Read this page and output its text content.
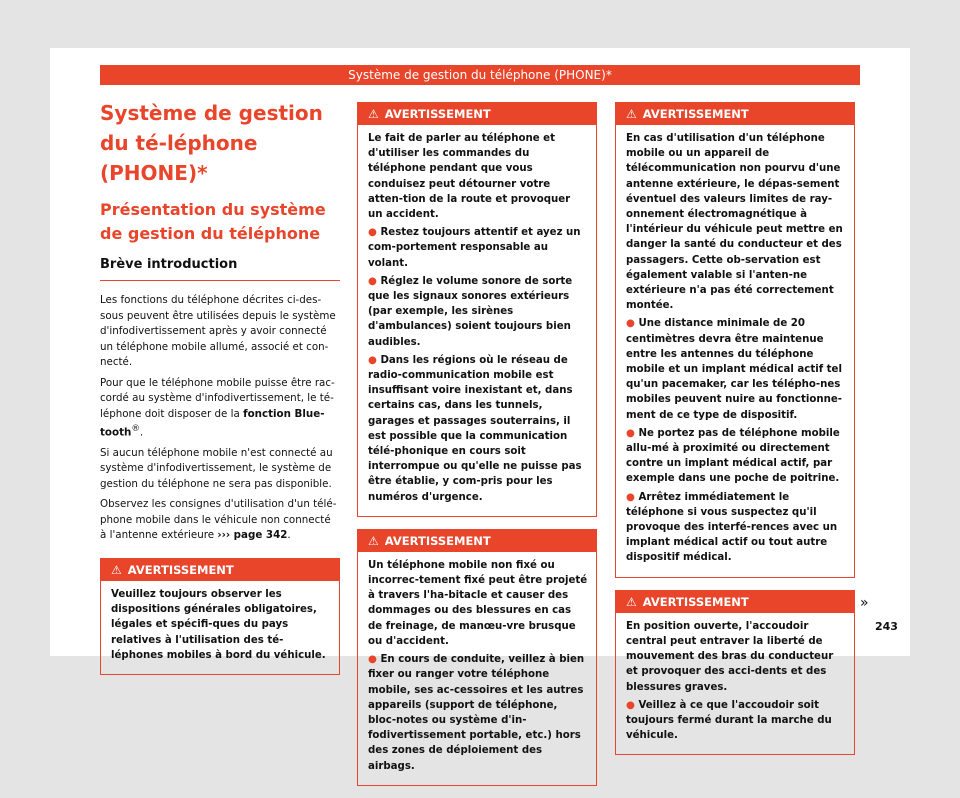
Système de gestion du téléphone (PHONE)*
Système de gestion du té-léphone (PHONE)*
Présentation du système de gestion du téléphone
Brève introduction

Les fonctions du téléphone décrites ci-des-sous peuvent être utilisées depuis le système d'infodivertissement après y avoir connecté un téléphone mobile allumé, associé et con-necté.

Pour que le téléphone mobile puisse être rac-cordé au système d'infodivertissement, le té-léphone doit disposer de la fonction Blue-tooth®.

Si aucun téléphone mobile n'est connecté au système d'infodivertissement, le système de gestion du téléphone ne sera pas disponible.

Observez les consignes d'utilisation d'un télé-phone mobile dans le véhicule non connecté à l'antenne extérieure ››› page 342.

⚠ AVERTISSEMENT

Veuillez toujours observer les dispositions générales obligatoires, légales et spécifi-ques du pays relatives à l'utilisation des té-léphones mobiles à bord du véhicule.

⚠ AVERTISSEMENT

Le fait de parler au téléphone et d'utiliser les commandes du téléphone pendant que vous conduisez peut détourner votre atten-tion de la route et provoquer un accident.

● Restez toujours attentif et ayez un com-portement responsable au volant.

● Réglez le volume sonore de sorte que les signaux sonores extérieurs (par exemple, les sirènes d'ambulances) soient toujours bien audibles.

● Dans les régions où le réseau de radio-communication mobile est insuffisant voire inexistant et, dans certains cas, dans les tunnels, garages et passages souterrains, il est possible que la communication télé-phonique en cours soit interrompue ou qu'elle ne puisse pas être établie, y com-pris pour les numéros d'urgence.

⚠ AVERTISSEMENT

Un téléphone mobile non fixé ou incorrec-tement fixé peut être projeté à travers l'ha-bitacle et causer des dommages ou des blessures en cas de freinage, de manœu-vre brusque ou d'accident.

● En cours de conduite, veillez à bien fixer ou ranger votre téléphone mobile, ses ac-cessoires et les autres appareils (support de téléphone, bloc-notes ou système d'in-fodivertissement portable, etc.) hors des zones de déploiement des airbags.

⚠ AVERTISSEMENT

En cas d'utilisation d'un téléphone mobile ou un appareil de télécommunication non pourvu d'une antenne extérieure, le dépas-sement éventuel des valeurs limites de ray-onnement électromagnétique à l'intérieur du véhicule peut mettre en danger la santé du conducteur et des passagers. Cette ob-servation est également valable si l'anten-ne extérieure n'a pas été correctement montée.

● Une distance minimale de 20 centimètres devra être maintenue entre les antennes du téléphone mobile et un implant médical actif tel qu'un pacemaker, car les télépho-nes mobiles peuvent nuire au fonctionne-ment de ce type de dispositif.

● Ne portez pas de téléphone mobile allu-mé à proximité ou directement contre un implant médical actif, par exemple dans une poche de poitrine.

● Arrêtez immédiatement le téléphone si vous suspectez qu'il provoque des interfé-rences avec un implant médical actif ou tout autre dispositif médical.

⚠ AVERTISSEMENT

En position ouverte, l'accoudoir central peut entraver la liberté de mouvement des bras du conducteur et provoquer des acci-dents et des blessures graves.

● Veillez à ce que l'accoudoir soit toujours fermé durant la marche du véhicule.

»
243
